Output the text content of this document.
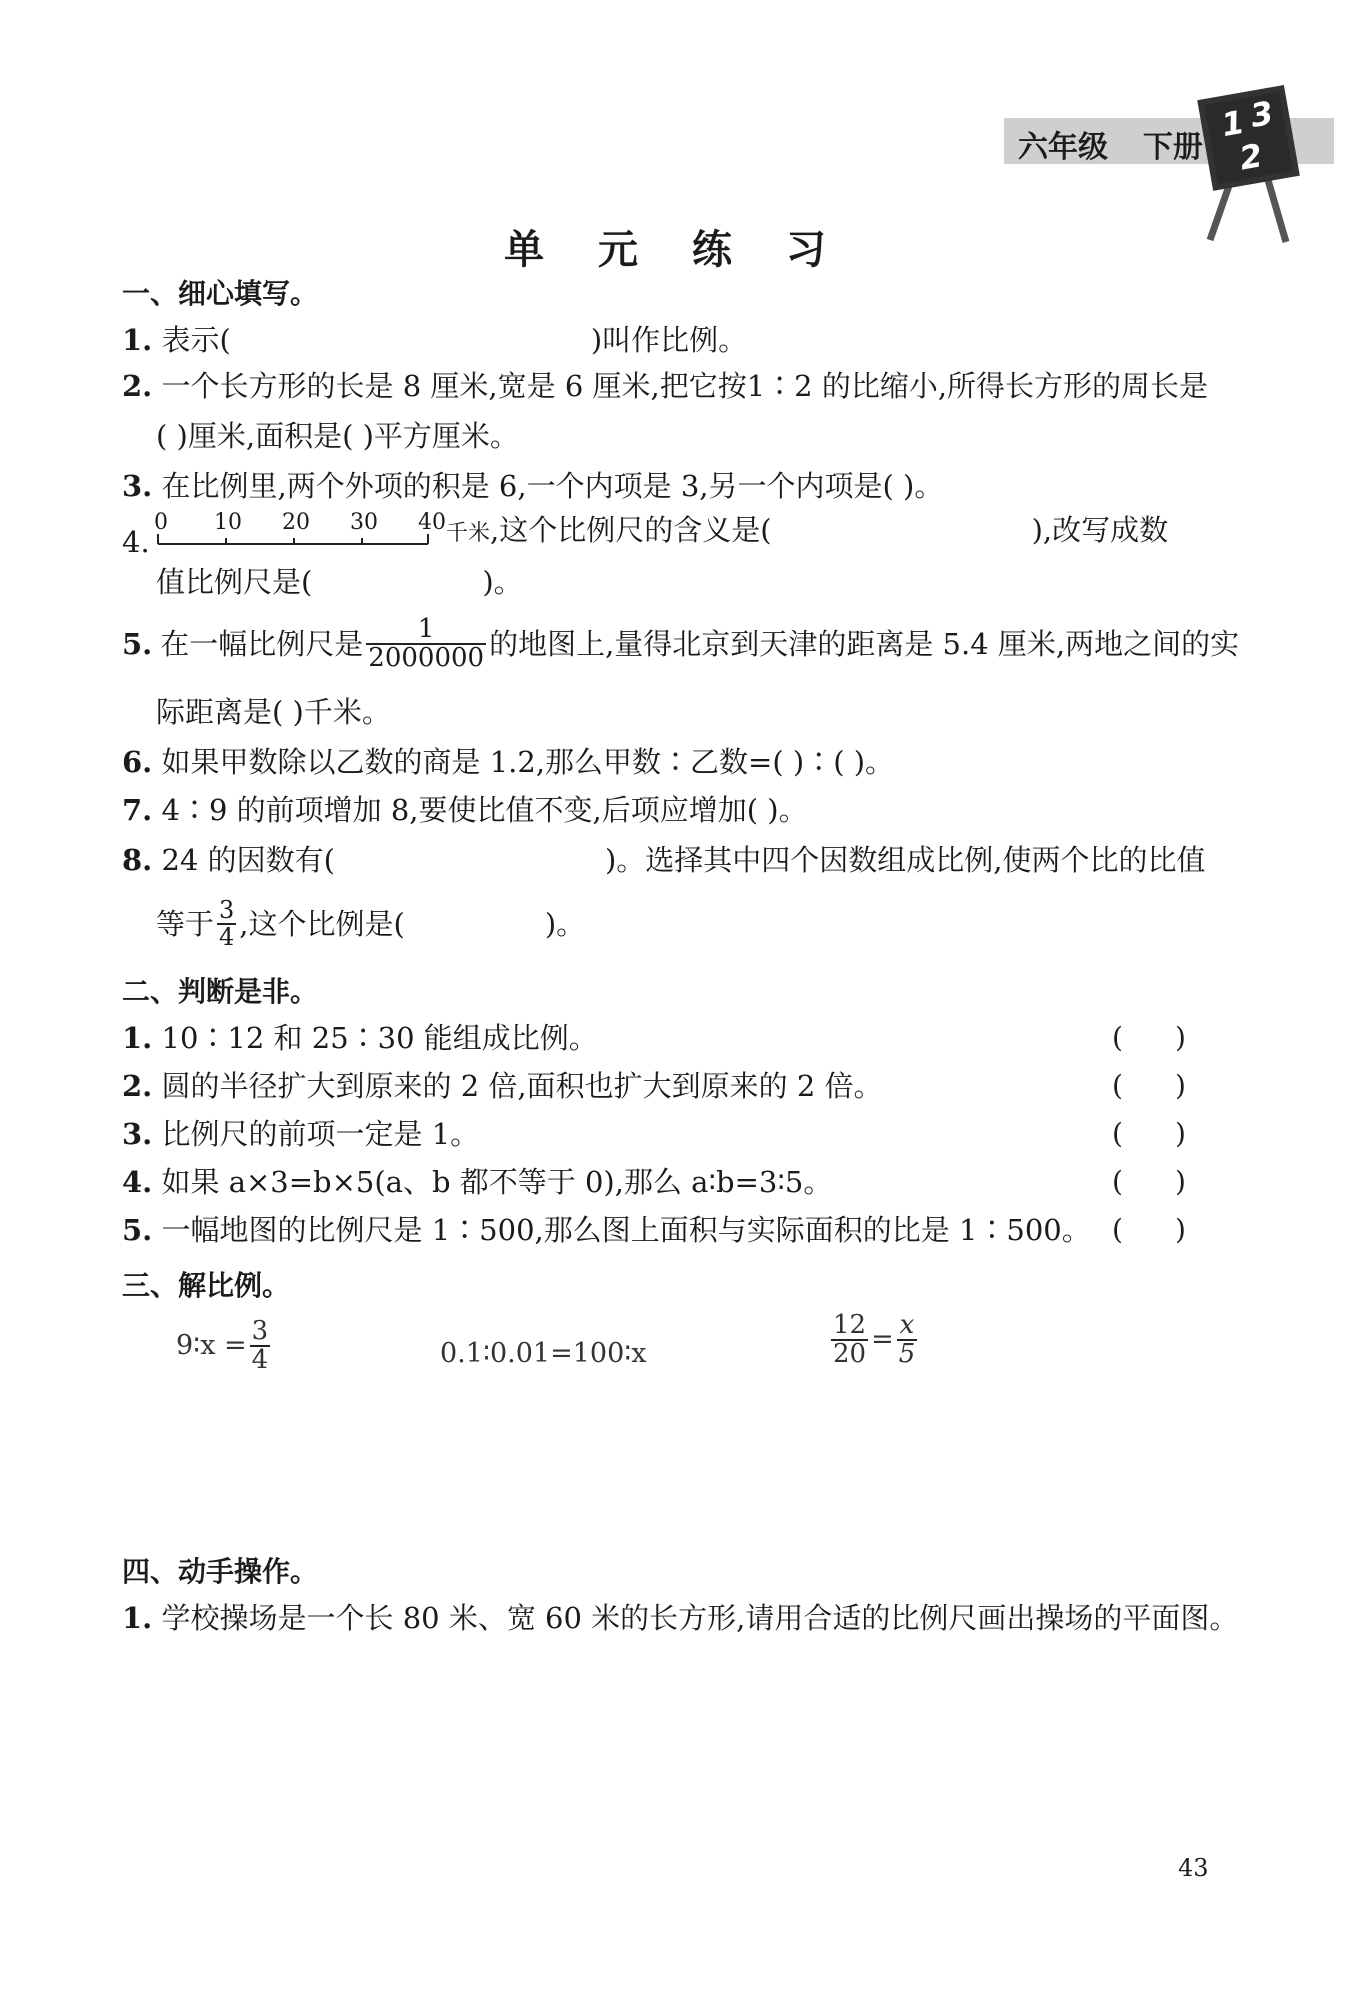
六年级 下册
1 3
2
单 元 练 习
一、细心填写。
1. 表示(	)叫作比例。
2. 一个长方形的长是 8 厘米,宽是 6 厘米,把它按1∶2 的比缩小,所得长方形的周长是
( )厘米,面积是( )平方厘米。
3. 在比例里,两个外项的积是 6,一个内项是 3,另一个内项是( )。
4.
0 10 20 30 40 千米,这个比例尺的含义是(	),改写成数
值比例尺是(	)。
5. 在一幅比例尺是 $\frac{1}{2000000}$ 的地图上,量得北京到天津的距离是 5.4 厘米,两地之间的实
际距离是( )千米。
6. 如果甲数除以乙数的商是 1.2,那么甲数∶乙数=( )∶( )。
7. 4∶9 的前项增加 8,要使比值不变,后项应增加( )。
8. 24 的因数有(	)。选择其中四个因数组成比例,使两个比的比值
等于 $\frac{3}{4}$ ,这个比例是(	)。
二、判断是非。
1. 10∶12 和 25∶30 能组成比例。	( )
2. 圆的半径扩大到原来的 2 倍,面积也扩大到原来的 2 倍。	( )
3. 比例尺的前项一定是 1。	( )
4. 如果 a×3=b×5(a、b 都不等于 0),那么 a∶b=3∶5。	( )
5. 一幅地图的比例尺是 1∶500,那么图上面积与实际面积的比是 1∶500。 ( )
三、解比例。
9∶x = $\frac{3}{4}$	0.1∶0.01=100∶x	$\frac{12}{20} = \frac{x}{5}$
四、动手操作。
1. 学校操场是一个长 80 米、宽 60 米的长方形,请用合适的比例尺画出操场的平面图。
43
